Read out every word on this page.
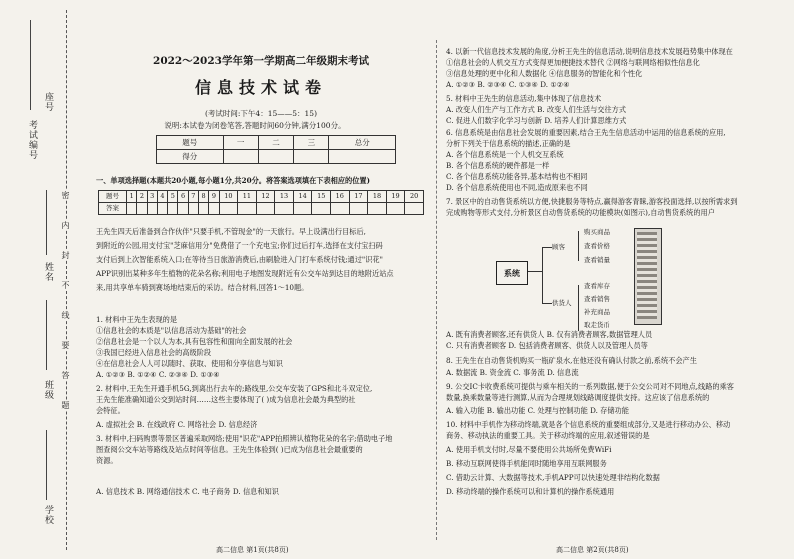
考试编号
座号
姓名
班级
学校
密
封
线
内
不
要
答
题
2022～2023学年第一学期高二年级期末考试
信息技术试卷
(考试时间:下午4：15——5：15)
说明:本试卷为闭卷笔答,答题时间60分钟,满分100分。
题号	一	二	三	总分
得分				
一、单项选择题(本题共20小题,每小题1分,共20分。将答案选项填在下表相应的位置)
题号	1	2	3	4	5	6	7	8	9	10	11	12	13	14	15	16	17	18	19	20
答案																				
王先生四天后准备到合作伙伴"只要手机,不管现金"的一天旅行。早上设满出行目标后,
到附近的公园,用支付宝"芝麻信用分"免费借了一个充电宝;你们过后打车,选择在支付宝扫码
支付后到上次智能系统入口;在等待当日旅游消费后,由刷脸进入门打车系统付钱;通过"识花"
APP识别出某种多年生植物的花朵名称;利用电子地图发现附近有公交车站到达目的地附近站点
来,用共享单车骑到赛场地结束后的采访。结合材料,回答1～10题。
1. 材料中王先生表现的是
①信息社会的本质是"以信息活动为基础"的社会
②信息社会是一个以人为本,具有包容性和面向全面发展的社会
③我国已经进入信息社会的高级阶段
④在信息社会人人可以随时、获取、使用和分享信息与知识
A. ①②③ B. ①②④ C. ②③④ D. ①③④
2. 材料中,王先生开通手机5G,到离出行去车的;路线里,公交车安装了GPS和北斗双定位,
王先生能准确知道公交到站时间……这些主要体现了( )成为信息社会最为典型的社
会特征。
A. 虚拟社会 B. 在线政府 C. 网络社会 D. 信息经济
3. 材料中,扫码购票等景区普遍采取网络;使用"识花"APP拍照辨认植物花朵的名字;借助电子地
图查阅公交车站等路线及站点时间等信息。王先生体验到( )已成为信息社会最重要的
资源。
A. 信息技术 B. 网络通信技术 C. 电子商务 D. 信息和知识
高二信息 第1页(共8页)
4. 以新一代信息技术发展的角度,分析王先生的信息活动,说明信息技术发展趋势集中体现在
①信息社会的人机交互方式变得更加便捷技术替代 ②网络与联网络相似性信息化
③信息处理的更中化和人数据化 ④信息服务的智能化和个性化
A. ①②③ B. ②③④ C. ①③④ D. ①②④
5. 材料中王先生的信息活动,集中体现了信息技术
A. 改变人们生产与工作方式 B. 改变人们生活与交往方式
C. 促进人们数字化学习与创新 D. 培养人们计算思维方式
6. 信息系统是由信息社会发展的重要因素,结合王先生信息活动中运用的信息系统的应用,
分析下列关于信息系统的描述,正确的是
A. 各个信息系统是一个人机交互系统
B. 各个信息系统的硬件都是一样
C. 各个信息系统功能各异,基本结构也不相同
D. 各个信息系统使用也不同,造成原来也不同
7. 景区中的自动售货系统以方便,快捷服务等特点,赢得游客青睐,游客投面选择,以按所需求到
完成购物等形式支付,分析景区自动售货系统的功能模块(如图示),自动售货系统的用户
A. 既有消费者顾客,还有供货人 B. 仅有消费者顾客,数据管理人员
C. 只有消费者顾客 D. 包括消费者顾客、供货人以及管理人员等
8. 王先生在自动售货机购买一瓶矿泉水,在他还没有确认付款之前,系统不会产生
A. 数据流 B. 资金流 C. 事务流 D. 信息流
9. 公交IC卡收费系统可提供与乘车相关的一系列数据,便于公交公司对不同地点,线路的乘客
数量,换乘数量等进行测算,从而为合理规划线路调度提供支持。这应该了信息系统的
A. 输入功能 B. 输出功能 C. 处理与控制功能 D. 存储功能
10. 材料中手机作为移动终端,就是各个信息系统的重要组成部分,又是进行移动办公、移动
商务、移动执法的重要工具。关于移动终端的应用,叙述错误的是
A. 使用手机支付时,尽量不要使用公共场所免费WiFi
B. 移动互联网使得手机能同时随地享用互联网服务
C. 借助云计算、大数据等技术,手机APP可以快速处理非结构化数据
D. 移动终端的操作系统可以和计算机的操作系统通用
系统
顾客
供货人
购买商品
查看价格
查看销量
查看库存
查看销售
补充商品
取走货币
高二信息 第2页(共8页)
